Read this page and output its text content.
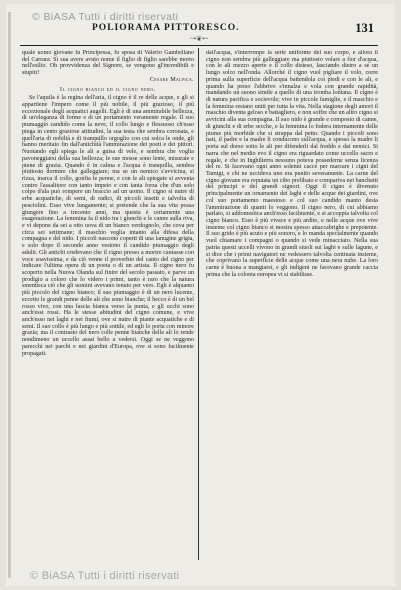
© BiASA Tutti i diritti riservati
POLIORAMA PITTORESCO.	131
~•❦•~

quale uomo giovane fu Principessa, fu sposa di Valerio Gambellano del Carrara. Sì sua avere avuto nome il figlio di figlio sarebbe morto nell'esilio. Oh provvidenza del Signore, se vengono gl'incredibili e stupiti!

Cesare Malpica.
Il cigno bianco ed il cigno nero.

Se l'aquila è la regina dell'aria, il cigno è il re delle acque, e gli si appartiene l'impero come il più nobile, il più grazioso, il più eccezionale degli acquatici augelli. Egli è di una ammirabile bellezza, di un'eleganza di forme e di un portamento veramente regale. Il suo piumaggio candido come la neve, il collo lungo e flessuoso ch'esso piega in cento graziose attitudini, la sua testa che sembra coronata, e quell'aria di nobiltà e di tranquillo orgoglio con cui solca le onde, gli hanno meritato fin dall'antichità l'ammirazione dei poeti e dei pittori. Nuotando egli spiega le ali a guisa di vele, e sembra che voglia pavoneggiarsi della sua bellezza; le sue mosse sono lente, misurate e piene di grazia. Quando è in calma e l'acqua è tranquilla, sembra piuttosto dormire che galleggiare; ma se un nemico s'avvicina, si rizza, inarca il collo, gonfia le penne, e con le ali spiegate si avventa contro l'assalitore con tanto impeto e con tanta forza che d'un solo colpo d'ala può rompere un braccio ad un uomo. Il cigno si nutre di erbe acquatiche, di semi, di radici, di piccoli insetti e talvolta di pesciolini. Esso vive lungamente; si pretende che la sua vita possa giungere fino a trecento anni, ma questa è certamente una esagerazione. La femmina fa il nido tra i giunchi e le canne sulla riva, e vi depone da sei a otto uova di un bianco verdognolo, che cova per circa sei settimane; il maschio veglia intanto alla difesa della compagna e del nido. I piccoli nascono coperti di una lanugine grigia, e solo dopo il secondo anno vestono il candido piumaggio degli adulti. Gli antichi credevano che il cigno presso a morire cantasse con voce soavissima, e da ciò venne il proverbio del canto del cigno per indicare l'ultima opera di un poeta o di un artista. Il cigno nero fu scoperto nella Nuova Olanda sul finire del secolo passato, e parve un prodigio a coloro che lo videro i primi, tanto è raro che la natura smentisca ciò che gli uomini avevano tenuto per vero. Egli è alquanto più piccolo del cigno bianco; il suo piumaggio è di un nero lucente, eccetto le grandi penne delle ali che sono bianche; il becco è di un bel rosso vivo, con una fascia bianca verso la punta, e gli occhi sono anch'essi rossi. Ha le stesse abitudini del cigno comune, e vive anch'esso nei laghi e nei fiumi, ove si nutre di piante acquatiche e di semi. Il suo collo è più lungo e più sottile, ed egli lo porta con minore grazia; ma il contrasto del nero colle penne bianche delle ali lo rende nondimeno un uccello assai bello a vedersi. Oggi se ne veggono parecchi nei parchi e nei giardini d'Europa, ove si sono facilmente propagati.

dall'acqua, s'interrompe la serie uniforme del suo corpo, e allora il cigno non sembra più galleggiare ma piuttosto volare a fior d'acqua, con le ali mezzo aperte e il collo disteso, lasciando dietro a sé un lungo solco nell'onda. Allorché il cigno vuol pigliare il volo, corre prima sulla superficie dell'acqua battendola coi piedi e con le ali, e quando ha preso l'abbrivo s'innalza e vola con grande rapidità, mandando un suono simile a quello di una tromba lontana. Il cigno è di natura pacifica e socievole; vive in piccole famiglie, e il maschio e la femmina restano uniti per tutta la vita. Nella stagione degli amori il maschio diventa geloso e battagliero, e non soffre che un altro cigno si avvicini alla sua compagna. Il suo nido è grande e composto di canne, di giunchi e di erbe secche, e la femmina lo fodera internamente delle piume più morbide che si strappa dal petto. Quando i piccoli sono nati, il padre e la madre li conducono sull'acqua, e spesso la madre li porta sul dorso sotto le ali per difenderli dal freddo e dai nemici. Si narra che nel medio evo il cigno era riguardato come uccello sacro e regale, e che in Inghilterra nessuno poteva possederne senza licenza del re. Si facevano ogni anno solenni cacce per marcare i cigni del Tamigi, e chi ne uccideva uno era punito severamente. La carne del cigno giovane era reputata un cibo prelibato e compariva nei banchetti dei principi e dei grandi signori. Oggi il cigno è divenuto principalmente un ornamento dei laghi e delle acque dei giardini, ove col suo portamento maestoso e col suo candido manto desta l'ammirazione di quanti lo veggono. Il cigno nero, di cui abbiamo parlato, si addomestica anch'esso facilmente, e si accoppia talvolta col cigno bianco. Esso è più vivace e più ardito, e nelle acque ove vive insieme col cigno bianco si mostra spesso attaccabrighe e prepotente. Il suo grido è più acuto e più sonoro, e lo manda specialmente quando vuol chiamare i compagni o quando si vede minacciato. Nella sua patria questi uccelli vivono in grandi stuoli sui laghi e sulle lagune, e si dice che i primi navigatori ne vedessero talvolta centinaia insieme, che coprivano la superficie delle acque come una nera nube. La loro carne è buona a mangiarsi, e gli indigeni ne facevano grande caccia prima che la colonia europea vi si stabilisse.

© BiASA Tutti i diritti riservati
